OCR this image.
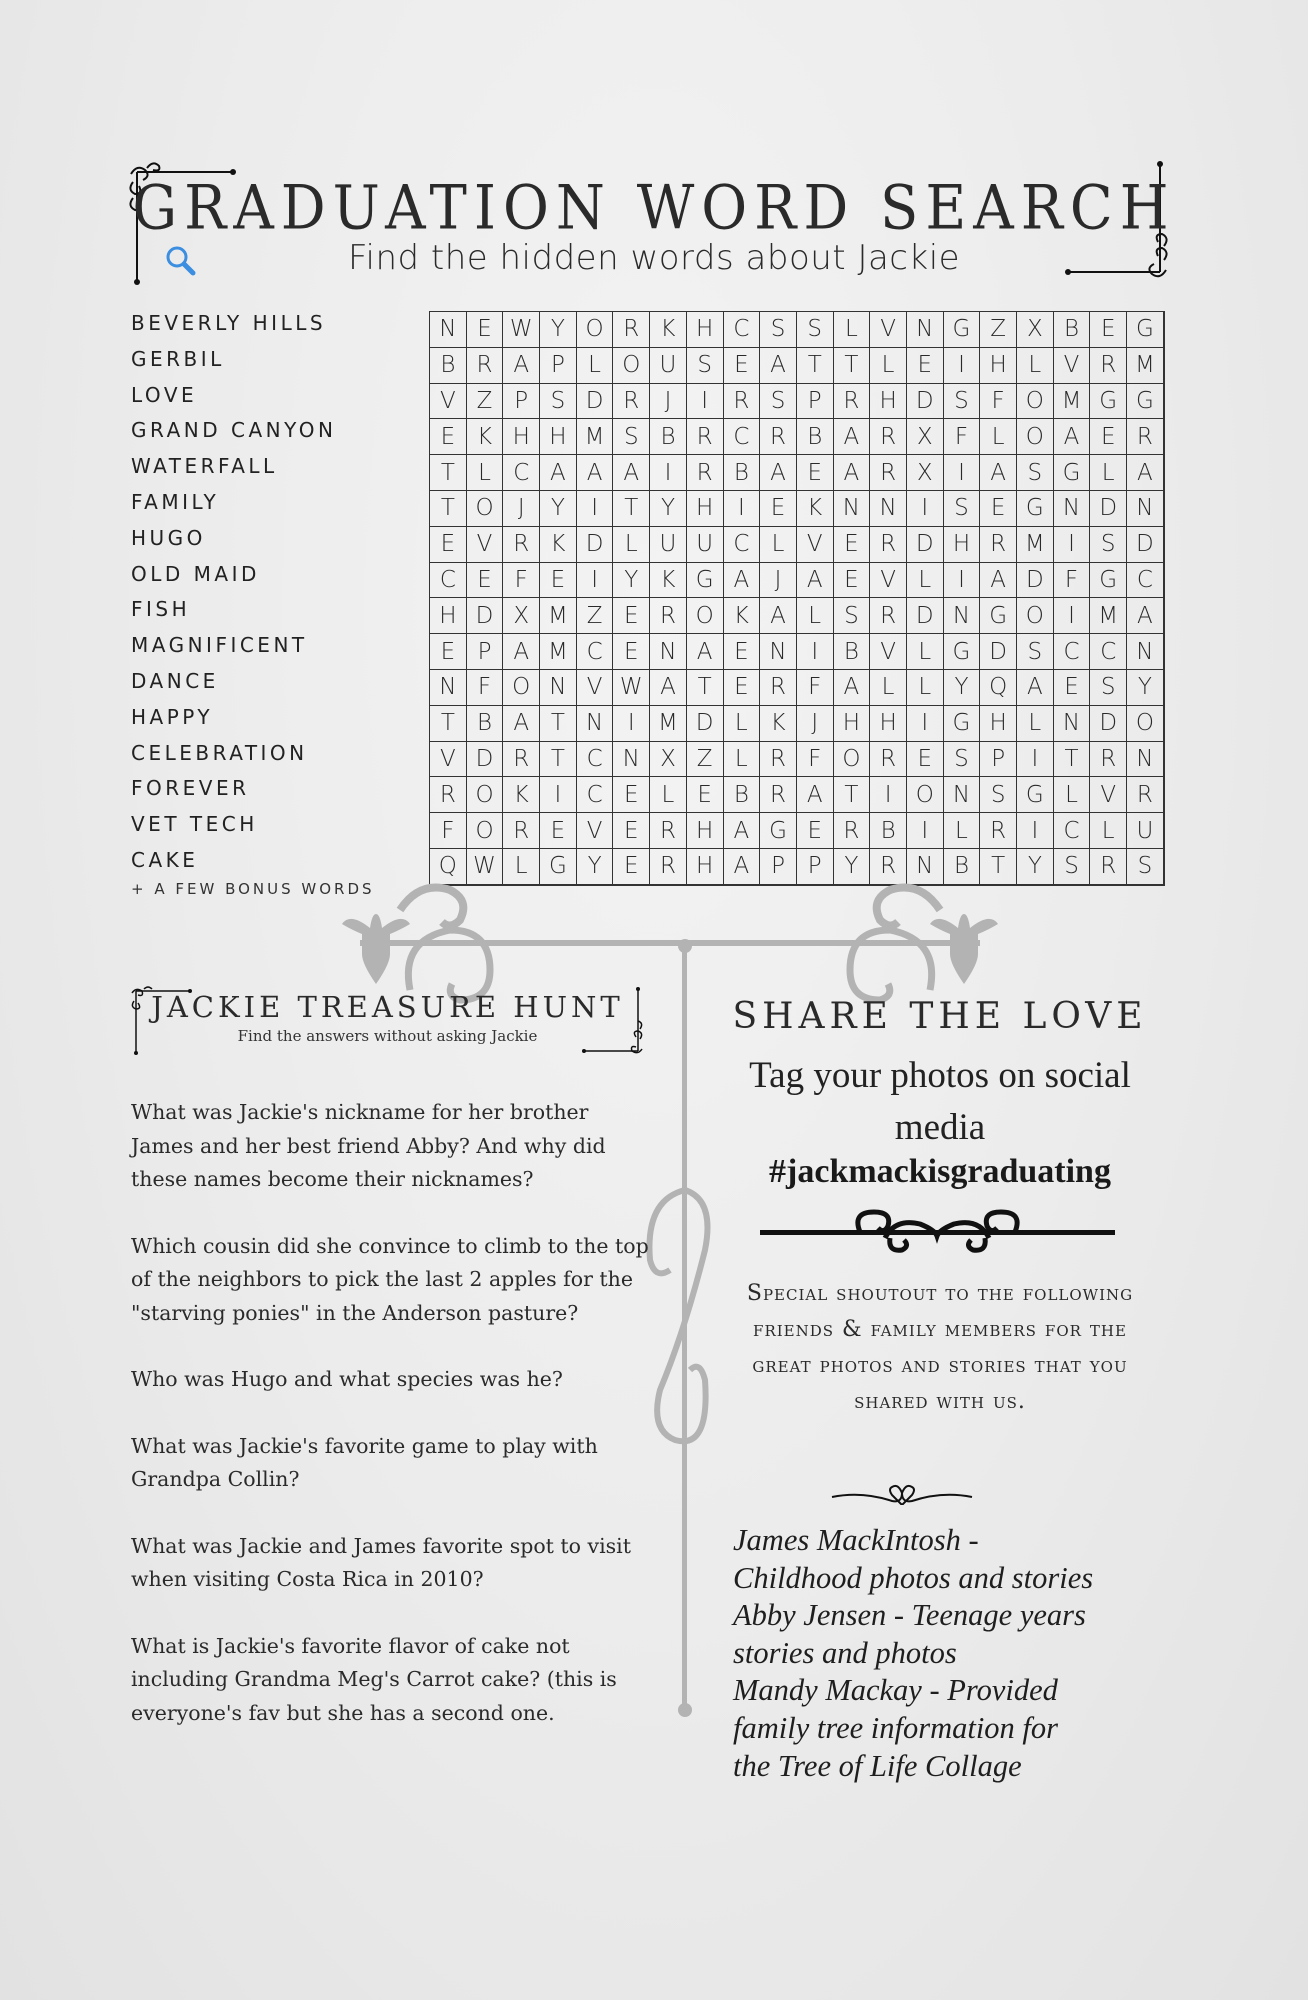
GRADUATION WORD SEARCH
Find the hidden words about Jackie
BEVERLY HILLS
GERBIL
LOVE
GRAND CANYON
WATERFALL
FAMILY
HUGO
OLD MAID
FISH
MAGNIFICENT
DANCE
HAPPY
CELEBRATION
FOREVER
VET TECH
CAKE
+ A FEW BONUS WORDS
N E W Y O R K H C S S L V N G Z X B E G
B R A P	L O U S E A T T	L	E	I	H L V R M
V Z P S D R	J	I	R S P R H D S F O M G G
E K H H M S B R C R B A R X F	L O A E R
T	L C A A A	I	R B A E A R X	I	A S G L A
T O	J	Y	I	T Y H	I	E K N N	I	S E G N D N
E V R K D L U U C L V E R D H R M	I	S D
C E F E	I	Y K G A	J	A E V L	I	A D F G C
H D X M Z E R O K A L S R D N G O	I	M A
E P A M C E N A E N	I	B V L G D S C C N
N F O N V W A T E R F A L	L	Y Q A E S Y
T B A T N	I	M D L K	J	H H	I	G H L N D O
V D R T C N X Z L R F O R E S P	I	T R N
R O K	I	C E	L	E B R A T	I	O N S G L V R
F O R E V E R H A G E R B	I	L R	I	C L U
Q W L G Y E R H A P P Y R N B T Y S R S
JACKIE TREASURE HUNT
Find the answers without asking Jackie

What was Jackie's nickname for her brother James and her best friend Abby? And why did these names become their nicknames?

Which cousin did she convince to climb to the top of the neighbors to pick the last 2 apples for the "starving ponies" in the Anderson pasture?

Who was Hugo and what species was he?

What was Jackie's favorite game to play with Grandpa Collin?

What was Jackie and James favorite spot to visit when visiting Costa Rica in 2010?

What is Jackie's favorite flavor of cake not including Grandma Meg's Carrot cake? (this is everyone's fav but she has a second one.

SHARE THE LOVE
Tag your photos on social media
#jackmackisgraduating
Special shoutout to the following friends & family members for the great photos and stories that you shared with us.
James MackIntosh -
Childhood photos and stories
Abby Jensen - Teenage years
stories and photos
Mandy Mackay - Provided
family tree information for
the Tree of Life Collage
